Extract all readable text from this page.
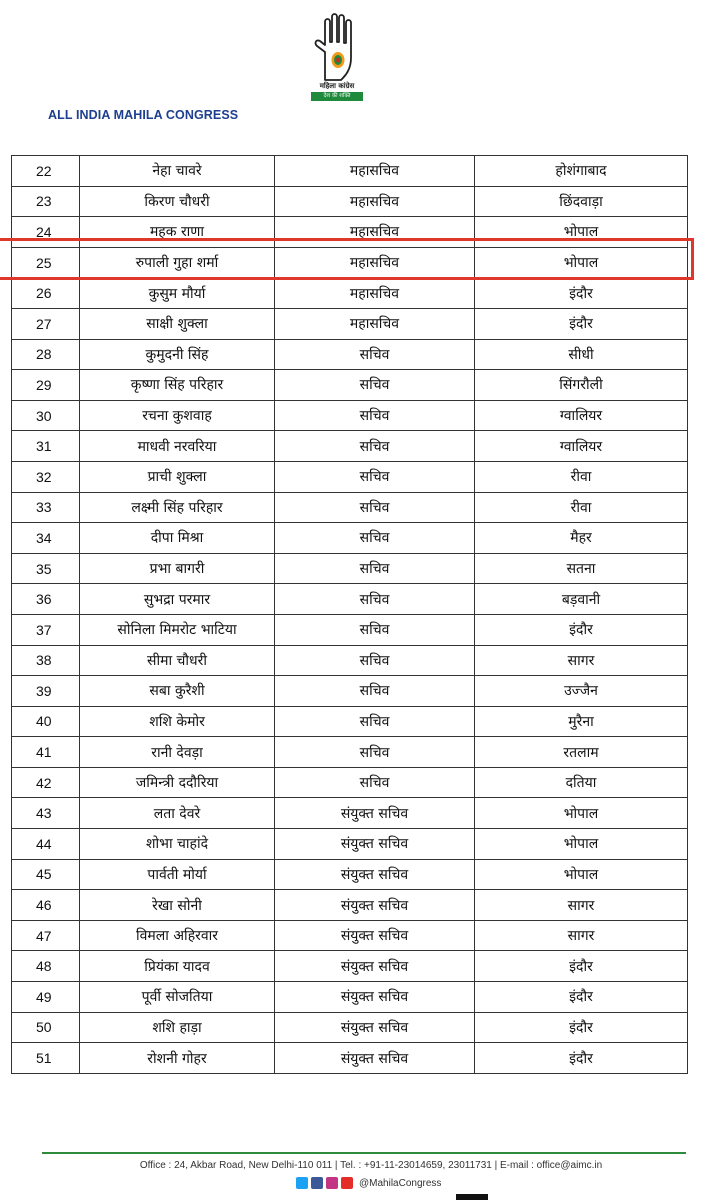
ALL INDIA MAHILA CONGRESS
महिला कांग्रेस
देश की शक्ति
22	नेहा चावरे	महासचिव	होशंगाबाद
23	किरण चौधरी	महासचिव	छिंदवाड़ा
24	महक राणा	महासचिव	भोपाल
25	रुपाली गुहा शर्मा	महासचिव	भोपाल
26	कुसुम मौर्या	महासचिव	इंदौर
27	साक्षी शुक्ला	महासचिव	इंदौर
28	कुमुदनी सिंह	सचिव	सीधी
29	कृष्णा सिंह परिहार	सचिव	सिंगरौली
30	रचना कुशवाह	सचिव	ग्वालियर
31	माधवी नरवरिया	सचिव	ग्वालियर
32	प्राची शुक्ला	सचिव	रीवा
33	लक्ष्मी सिंह परिहार	सचिव	रीवा
34	दीपा मिश्रा	सचिव	मैहर
35	प्रभा बागरी	सचिव	सतना
36	सुभद्रा परमार	सचिव	बड़वानी
37	सोनिला मिमरोट भाटिया	सचिव	इंदौर
38	सीमा चौधरी	सचिव	सागर
39	सबा कुरैशी	सचिव	उज्जैन
40	शशि केमोर	सचिव	मुरैना
41	रानी देवड़ा	सचिव	रतलाम
42	जमिन्त्री ददौरिया	सचिव	दतिया
43	लता देवरे	संयुक्त सचिव	भोपाल
44	शोभा चाहांदे	संयुक्त सचिव	भोपाल
45	पार्वती मोर्या	संयुक्त सचिव	भोपाल
46	रेखा सोनी	संयुक्त सचिव	सागर
47	विमला अहिरवार	संयुक्त सचिव	सागर
48	प्रियंका यादव	संयुक्त सचिव	इंदौर
49	पूर्वी सोजतिया	संयुक्त सचिव	इंदौर
50	शशि हाड़ा	संयुक्त सचिव	इंदौर
51	रोशनी गोहर	संयुक्त सचिव	इंदौर
Office : 24, Akbar Road, New Delhi-110 011 | Tel. : +91-11-23014659, 23011731 | E-mail : office@aimc.in
@MahilaCongress
